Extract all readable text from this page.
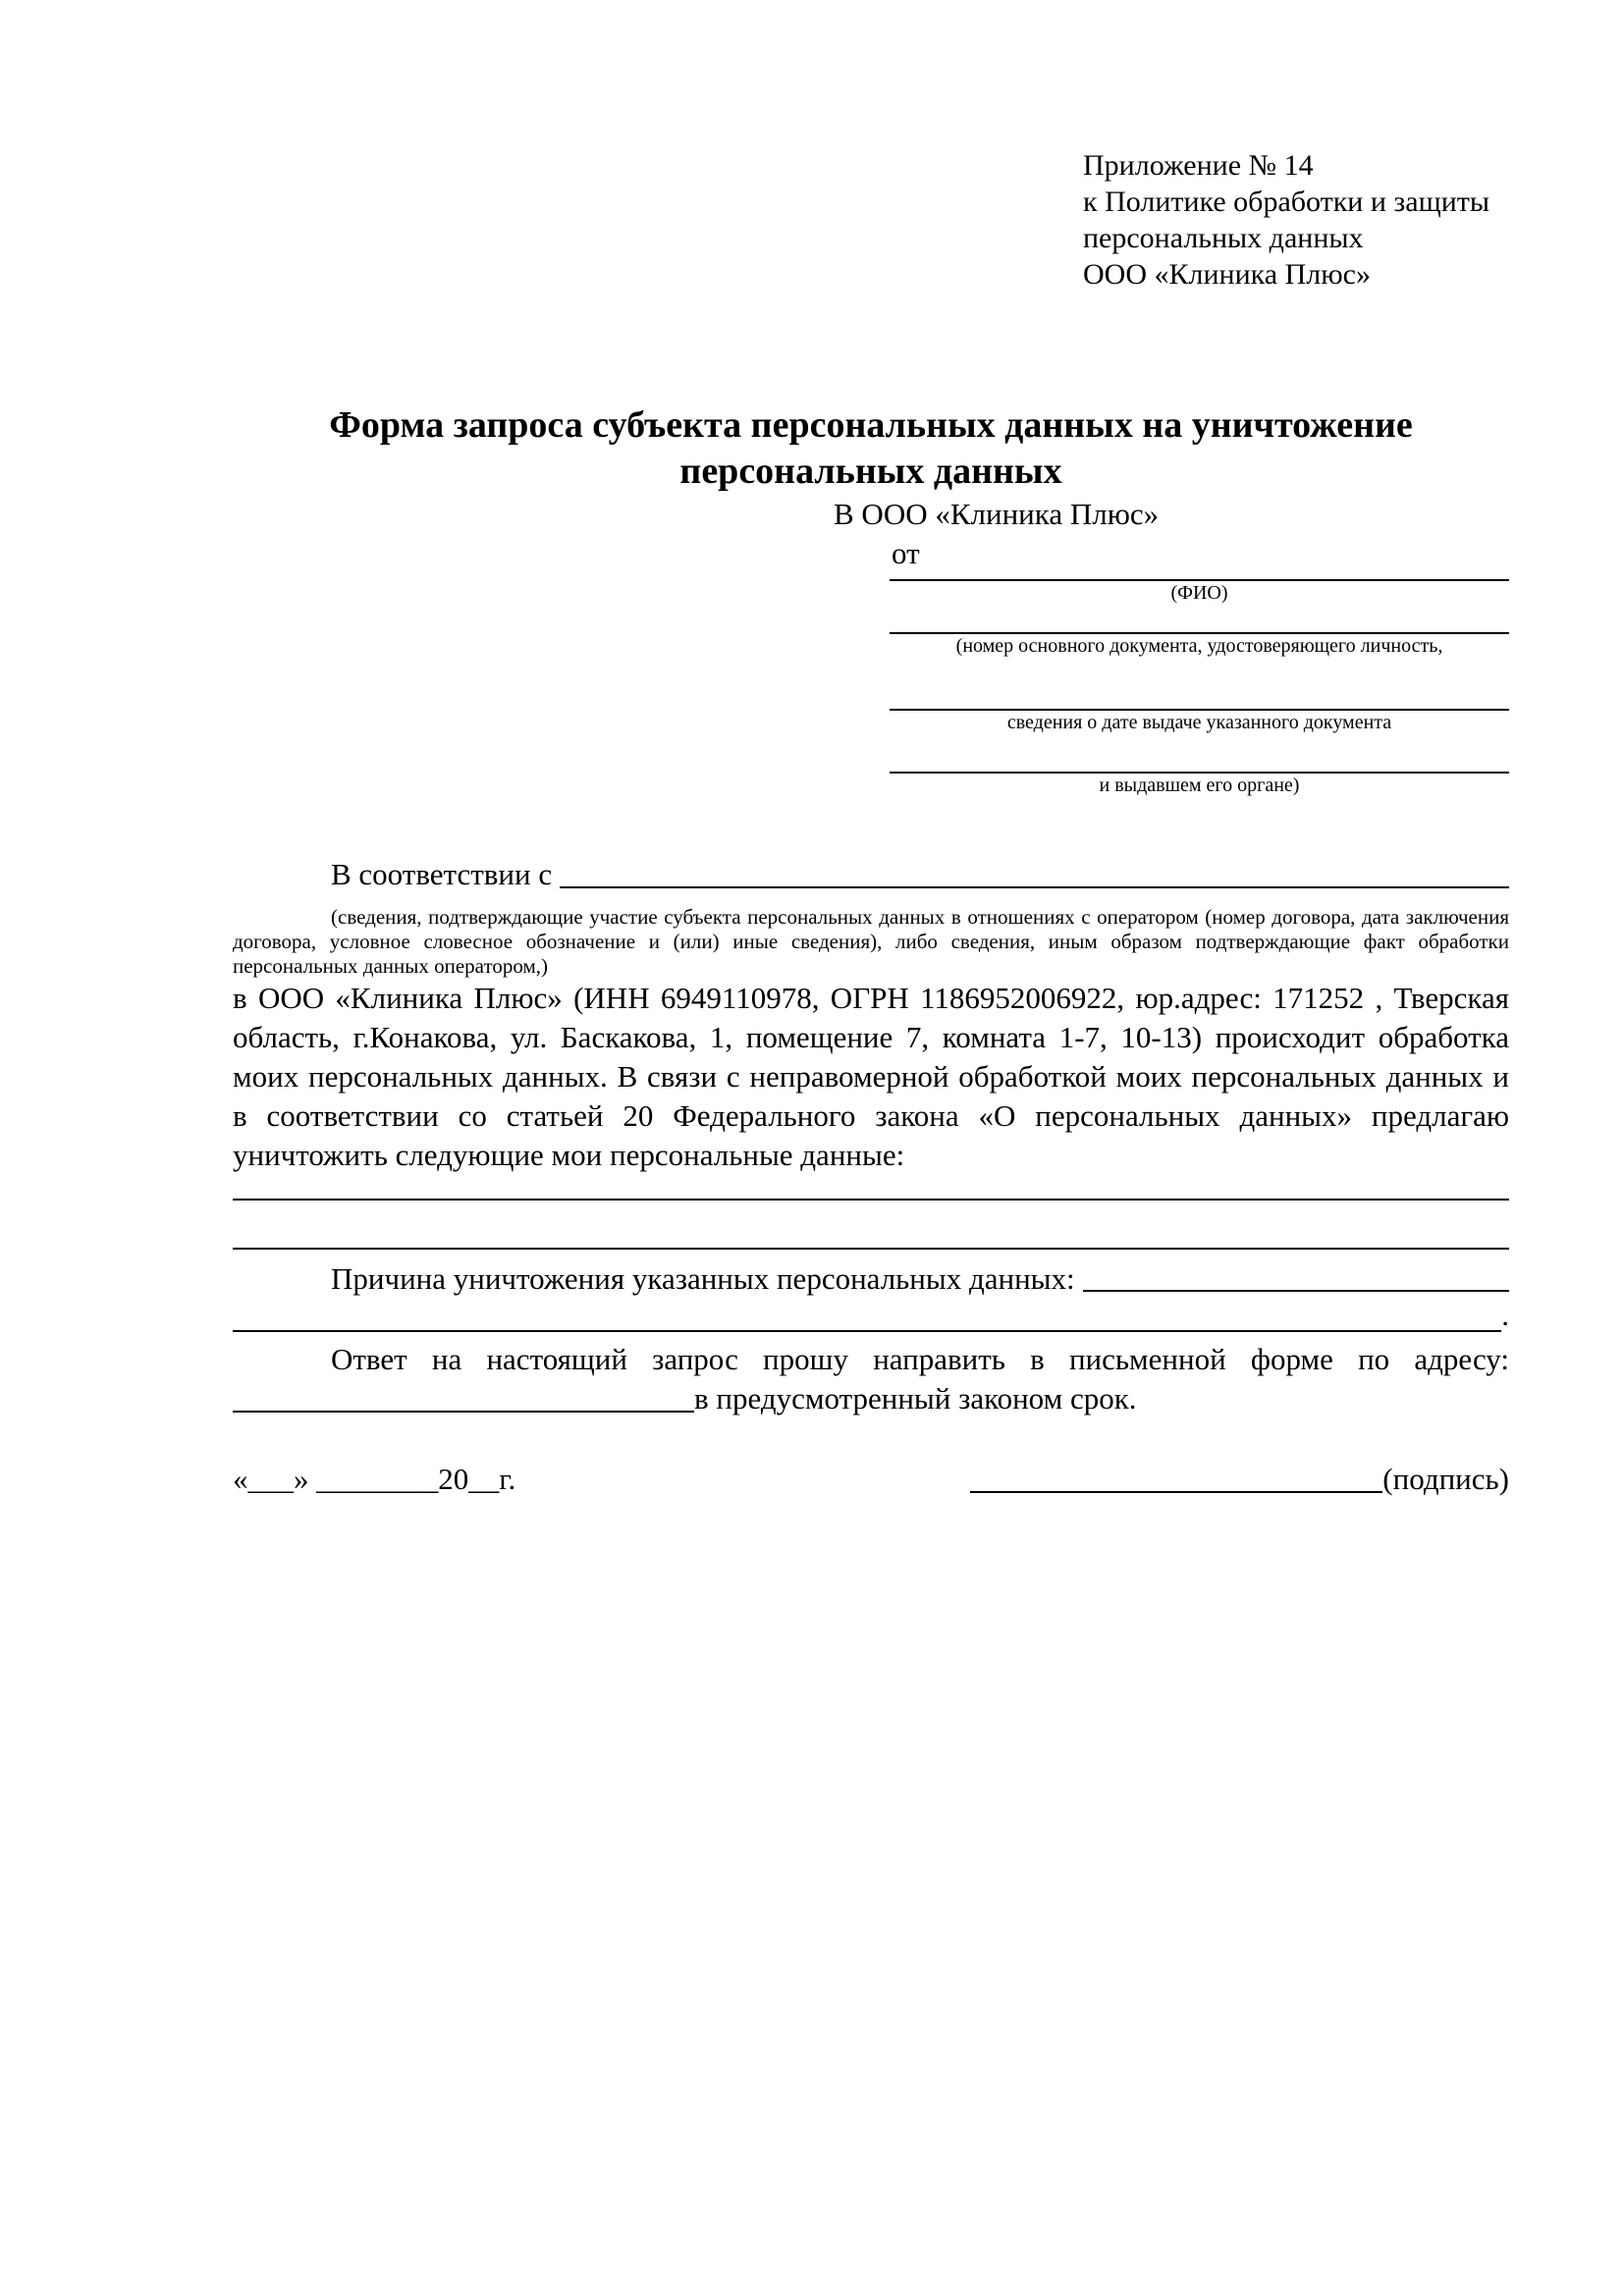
Приложение № 14
к Политике обработки и защиты
персональных данных
ООО «Клиника Плюс»
Форма запроса субъекта персональных данных на уничтожение персональных данных
В ООО «Клиника Плюс»
от
(ФИО)
(номер основного документа, удостоверяющего личность,
сведения о дате выдаче указанного документа
и выдавшем его органе)
В соответствии с

(сведения, подтверждающие участие субъекта персональных данных в отношениях с оператором (номер договора, дата заключения договора, условное словесное обозначение и (или) иные сведения), либо сведения, иным образом подтверждающие факт обработки персональных данных оператором,)

в ООО «Клиника Плюс» (ИНН 6949110978, ОГРН 1186952006922, юр.адрес: 171252 , Тверская область, г.Конакова, ул. Баскакова, 1, помещение 7, комната 1-7, 10-13) происходит обработка моих персональных данных. В связи с неправомерной обработкой моих персональных данных и в соответствии со статьей 20 Федерального закона «О персональных данных» предлагаю уничтожить следующие мои персональные данные:

Причина уничтожения указанных персональных данных:
.
Ответ на настоящий запрос прошу направить в письменной форме по адресу:
в предусмотренный законом срок.
«___» ________20__г.	(подпись)
